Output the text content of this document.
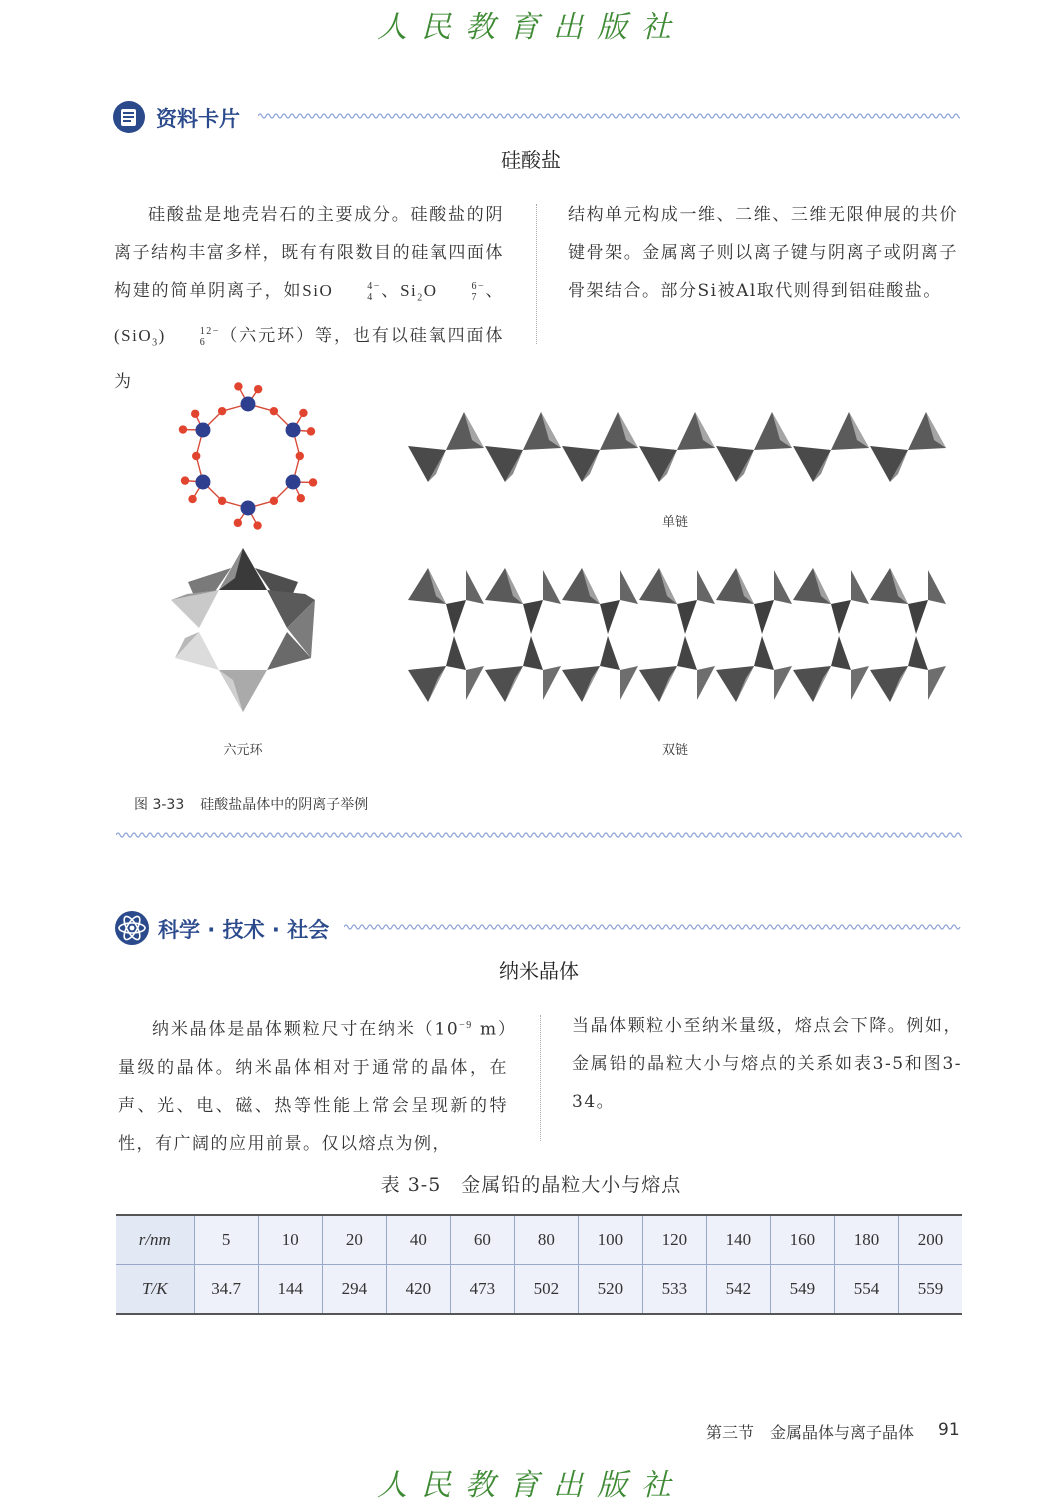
人民教育出版社
资料卡片
硅酸盐

硅酸盐是地壳岩石的主要成分。硅酸盐的阴离子结构丰富多样，既有有限数目的硅氧四面体构建的简单阴离子，如SiO	4−
4 、$Si_2O$	6−
7 、(SiO$_3$)	12−
6 （六元环）等，也有以硅氧四面体为

结构单元构成一维、二维、三维无限伸展的共价键骨架。金属离子则以离子键与阴离子或阴离子骨架结合。部分Si被Al取代则得到铝硅酸盐。

单链
六元环	双链
图 3-33 硅酸盐晶体中的阴离子举例
科学 · 技术 · 社会
纳米晶体

纳米晶体是晶体颗粒尺寸在纳米（$10^{-9}$ m）量级的晶体。纳米晶体相对于通常的晶体，在声、光、电、磁、热等性能上常会呈现新的特性，有广阔的应用前景。仅以熔点为例，

当晶体颗粒小至纳米量级，熔点会下降。例如，金属铅的晶粒大小与熔点的关系如表3-5和图3-34。

表 3-5　金属铅的晶粒大小与熔点
r/nm	5	10	20	40	60	80	100	120	140	160	180	200
T/K	34.7	144	294	420	473	502	520	533	542	549	554	559
第三节　金属晶体与离子晶体 91
人民教育出版社
